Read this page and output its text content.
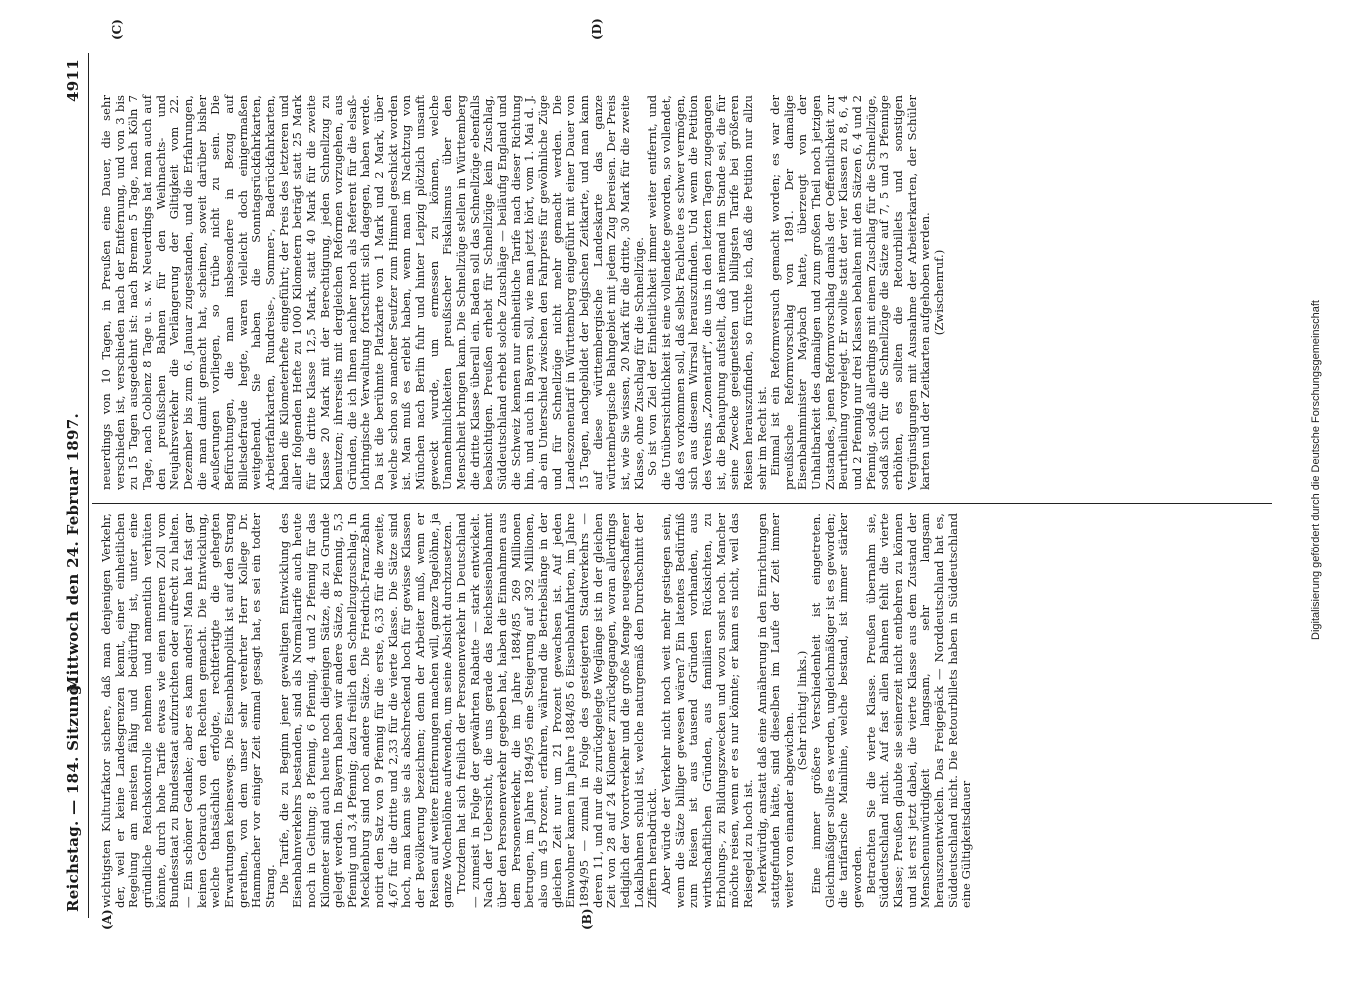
Reichstag. — 184. Sitzung.
Mittwoch den 24. Februar 1897.  4911
(A)	(B)
(C)	(D)

wichtigsten Kulturfaktor sichere, daß man denjenigen Verkehr, der, weil er keine Landesgrenzen kennt, einer einheitlichen Regelung am meisten fähig und bedürftig ist, unter eine gründliche Reichskontrolle nehmen und namentlich verhüten könnte, durch hohe Tarife etwas wie einen inneren Zoll vom Bundesstaat zu Bundesstaat aufzurichten oder aufrecht zu halten. — Ein schöner Gedanke; aber es kam anders! Man hat fast gar keinen Gebrauch von den Rechten gemacht. Die Entwicklung, welche thatsächlich erfolgte, rechtfertigte die gehegten Erwartungen keineswegs. Die Eisenbahnpolitik ist auf den Strang gerathen, von dem unser sehr verehrter Herr Kollege Dr. Hammacher vor einiger Zeit einmal gesagt hat, es sei ein todter Strang. Die Tarife, die zu Beginn jener gewaltigen Entwicklung des Eisenbahnverkehrs bestanden, sind als Normaltarife auch heute noch in Geltung; 8 Pfennig, 6 Pfennig, 4 und 2 Pfennig für das Kilometer sind auch heute noch diejenigen Sätze, die zu Grunde gelegt werden. In Bayern haben wir andere Sätze, 8 Pfennig, 5,3 Pfennig und 3,4 Pfennig; dazu freilich den Schnellzugzuschlag. In Mecklenburg sind noch andere Sätze. Die Friedrich-Franz-Bahn notirt den Satz von 9 Pfennig für die erste, 6,33 für die zweite, 4,67 für die dritte und 2,33 für die vierte Klasse. Die Sätze sind hoch, man kann sie als abschreckend hoch für gewisse Klassen der Bevölkerung bezeichnen; denn der Arbeiter muß, wenn er Reisen auf weitere Entfernungen machen will, ganze Tagelöhne, ja ganze Wochenlöhne aufwenden, um seine Absicht durchzusetzen. Trotzdem hat sich freilich der Personenverkehr in Deutschland — zumeist in Folge der gewährten Rabatte — stark entwickelt. Nach der Uebersicht, die uns gerade das Reichseisenbahnamt über den Personenverkehr gegeben hat, haben die Einnahmen aus dem Personenverkehr, die im Jahre 1884/85 269 Millionen betrugen, im Jahre 1894/95 eine Steigerung auf 392 Millionen, also um 45 Prozent, erfahren, während die Betriebslänge in der gleichen Zeit nur um 21 Prozent gewachsen ist. Auf jeden Einwohner kamen im Jahre 1884/85 6 Eisenbahnfahrten, im Jahre 1894/95 — zumal in Folge des gesteigerten Stadtverkehrs — deren 11, und nur die zurückgelegte Weglänge ist in der gleichen Zeit von 28 auf 24 Kilometer zurückgegangen, woran allerdings lediglich der Vorortverkehr und die große Menge neugeschaffener Lokalbahnen schuld ist, welche naturgemäß den Durchschnitt der Ziffern herabdrückt. Aber würde der Verkehr nicht noch weit mehr gestiegen sein, wenn die Sätze billiger gewesen wären? Ein latentes Bedürfniß zum Reisen ist aus tausend Gründen vorhanden, aus wirthschaftlichen Gründen, aus familiären Rücksichten, zu Erholungs-, zu Bildungszwecken und wozu sonst noch. Mancher möchte reisen, wenn er es nur könnte; er kann es nicht, weil das Reisegeld zu hoch ist. Merkwürdig, anstatt daß eine Annäherung in den Einrichtungen stattgefunden hätte, sind dieselben im Laufe der Zeit immer weiter von einander abgewichen.

(Sehr richtig! links.) Eine immer größere Verschiedenheit ist eingetreten. Gleichmäßiger sollte es werden, ungleichmäßiger ist es geworden; die tarifarische Mainlinie, welche bestand, ist immer stärker geworden. Betrachten Sie die vierte Klasse. Preußen übernahm sie, Süddeutschland nicht. Auf fast allen Bahnen fehlt die vierte Klasse; Preußen glaubte sie seinerzeit nicht entbehren zu können und ist erst jetzt dabei, die vierte Klasse aus dem Zustand der Menschenunwürdigkeit langsam, sehr langsam herauszuentwickeln. Das Freigepäck — Norddeutschland hat es, Süddeutschland nicht. Die Retourbillets haben in Süddeutschland eine Gültigkeitsdauer

neuerdings von 10 Tagen, in Preußen eine Dauer, die sehr verschieden ist, verschieden nach der Entfernung, und von 3 bis zu 15 Tagen ausgedehnt ist: nach Bremen 5 Tage, nach Köln 7 Tage, nach Coblenz 8 Tage u. s. w. Neuerdings hat man auch auf den preußischen Bahnen für den Weihnachts- und Neujahrsverkehr die Verlängerung der Giltigkeit vom 22. Dezember bis zum 6. Januar zugestanden, und die Erfahrungen, die man damit gemacht hat, scheinen, soweit darüber bisher Aeußerungen vorliegen, so trübe nicht zu sein. Die Befürchtungen, die man insbesondere in Bezug auf Billetsdefraude hegte, waren vielleicht doch einigermaßen weitgehend. Sie haben die Sonntagsrückfahrkarten, Arbeiterfahrkarten, Rundreise-, Sommer-, Baderückfahrkarten, haben die Kilometerhefte eingeführt; der Preis des letzteren und aller folgenden Hefte zu 1000 Kilometern beträgt statt 25 Mark für die dritte Klasse 12,5 Mark, statt 40 Mark für die zweite Klasse 20 Mark mit der Berechtigung, jeden Schnellzug zu benutzen; ihrerseits mit dergleichen Reformen vorzugehen, aus Gründen, die ich Ihnen nachher noch als Referent für die elsaß-lothringische Verwaltung fortschritt sich dagegen, haben werde. Da ist die berühmte Platzkarte von 1 Mark und 2 Mark, über welche schon so mancher Seufzer zum Himmel geschickt worden ist. Man muß es erlebt haben, wenn man im Nachtzug von München nach Berlin fuhr und hinter Leipzig plötzlich unsanft geweckt wurde, um ermessen zu können, welche Unannehmlichkeiten preußischer Fiskalismus über den Menschheit bringen kann. Die Schnellzüge stellen in Württemberg die dritte Klasse überall ein. Baden soll das Schnellzüge ebenfalls beabsichtigen. Preußen erhebt für Schnellzüge kein Zuschlag, Süddeutschland erhebt solche Zuschläge — beiläufig England und die Schweiz kennen nur einheitliche Tarife nach dieser Richtung hin, und auch in Bayern soll, wie man jetzt hört, vom 1. Mai d. J. ab ein Unterschied zwischen den Fahrpreis für gewöhnliche Züge und für Schnellzüge nicht mehr gemacht werden. Die Landeszonentarif in Württemberg eingeführt mit einer Dauer von 15 Tagen, nachgebildet der belgischen Zeitkarte, und man kann auf diese württembergische Landeskarte das ganze württembergische Bahngebiet mit jedem Zug bereisen. Der Preis ist, wie Sie wissen, 20 Mark für die dritte, 30 Mark für die zweite Klasse, ohne Zuschlag für die Schnellzüge. So ist von Ziel der Einheitlichkeit immer weiter entfernt, und die Unübersichtlichkeit ist eine vollendete geworden, so vollendet, daß es vorkommen soll, daß selbst Fachleute es schwer vermögen, sich aus diesem Wirrsal herauszufinden. Und wenn die Petition des Vereins „Zonentarif“, die uns in den letzten Tagen zugegangen ist, die Behauptung aufstellt, daß niemand im Stande sei, die für seine Zwecke geeignetsten und billigsten Tarife bei größeren Reisen herauszufinden, so fürchte ich, daß die Petition nur allzu sehr im Recht ist. Einmal ist ein Reformversuch gemacht worden; es war der preußische Reformvorschlag von 1891. Der damalige Eisenbahnminister Maybach hatte, überzeugt von der Unhaltbarkeit des damaligen und zum großen Theil noch jetzigen Zustandes, jenen Reformvorschlag damals der Oeffentlichkeit zur Beurtheilung vorgelegt. Er wollte statt der vier Klassen zu 8, 6, 4 und 2 Pfennig nur drei Klassen behalten mit den Sätzen 6, 4 und 2 Pfennig, sodaß allerdings mit einem Zuschlag für die Schnellzüge, sodaß sich für die Schnellzüge die Sätze auf 7, 5 und 3 Pfennige erhöhten, es sollten die Retourbillets und sonstigen Vergünstigungen mit Ausnahme der Arbeiterkarten, der Schüler karten und der Zeitkarten aufgehoben werden. (Zwischenruf.)

Digitalisierung gefördert durch die Deutsche Forschungsgemeinschaft
